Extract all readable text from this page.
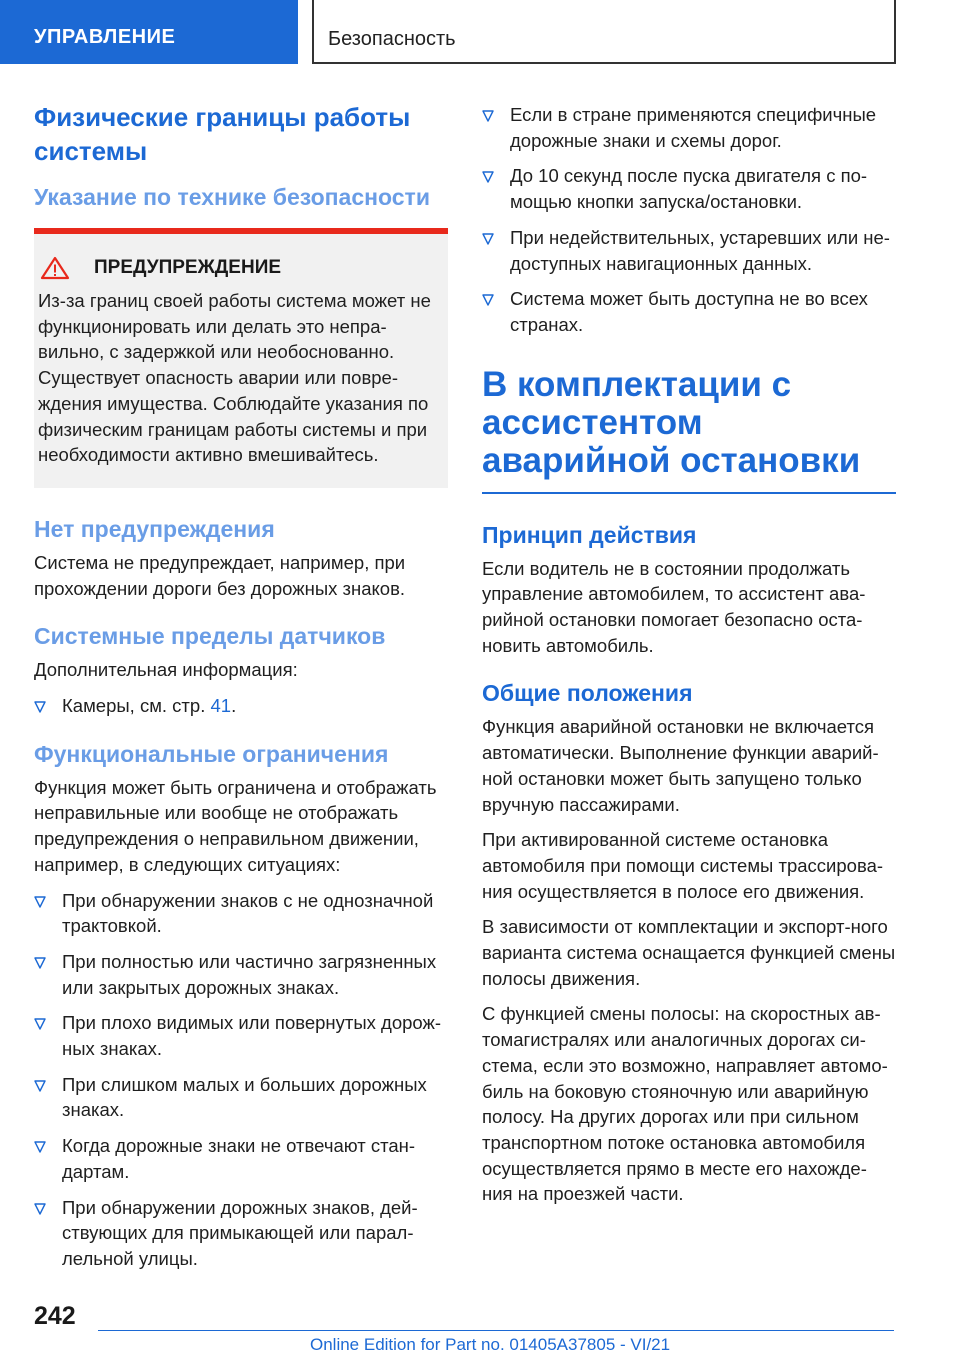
УПРАВЛЕНИЕ	Безопасность
Физические границы работы системы
Указание по технике безопасности
ПРЕДУПРЕЖДЕНИЕ

Из-за границ своей работы система может не функционировать или делать это непра-вильно, с задержкой или необоснованно. Существует опасность аварии или повре-ждения имущества. Соблюдайте указания по физическим границам работы системы и при необходимости активно вмешивайтесь.

Нет предупреждения

Система не предупреждает, например, при прохождении дороги без дорожных знаков.

Системные пределы датчиков

Дополнительная информация:

Камеры, см. стр. 41.
Функциональные ограничения

Функция может быть ограничена и отображать неправильные или вообще не отображать предупреждения о неправильном движении, например, в следующих ситуациях:

При обнаружении знаков с не однозначной трактовкой.
При полностью или частично загрязненных или закрытых дорожных знаках.
При плохо видимых или повернутых дорож-ных знаках.
При слишком малых и больших дорожных знаках.
Когда дорожные знаки не отвечают стан-дартам.
При обнаружении дорожных знаков, дей-ствующих для примыкающей или парал-лельной улицы.
Если в стране применяются специфичные дорожные знаки и схемы дорог.
До 10 секунд после пуска двигателя с по-мощью кнопки запуска/остановки.
При недействительных, устаревших или не-доступных навигационных данных.
Система может быть доступна не во всех странах.
В комплектации с ассистентом аварийной остановки
Принцип действия

Если водитель не в состоянии продолжать управление автомобилем, то ассистент ава-рийной остановки помогает безопасно оста-новить автомобиль.

Общие положения

Функция аварийной остановки не включается автоматически. Выполнение функции аварий-ной остановки может быть запущено только вручную пассажирами.

При активированной системе остановка автомобиля при помощи системы трассирова-ния осуществляется в полосе его движения.

В зависимости от комплектации и экспорт-ного варианта система оснащается функцией смены полосы движения.

С функцией смены полосы: на скоростных ав-томагистралях или аналогичных дорогах си-стема, если это возможно, направляет автомо-биль на боковую стояночную или аварийную полосу. На других дорогах или при сильном транспортном потоке остановка автомобиля осуществляется прямо в месте его нахожде-ния на проезжей части.

242
Online Edition for Part no. 01405A37805 - VI/21
